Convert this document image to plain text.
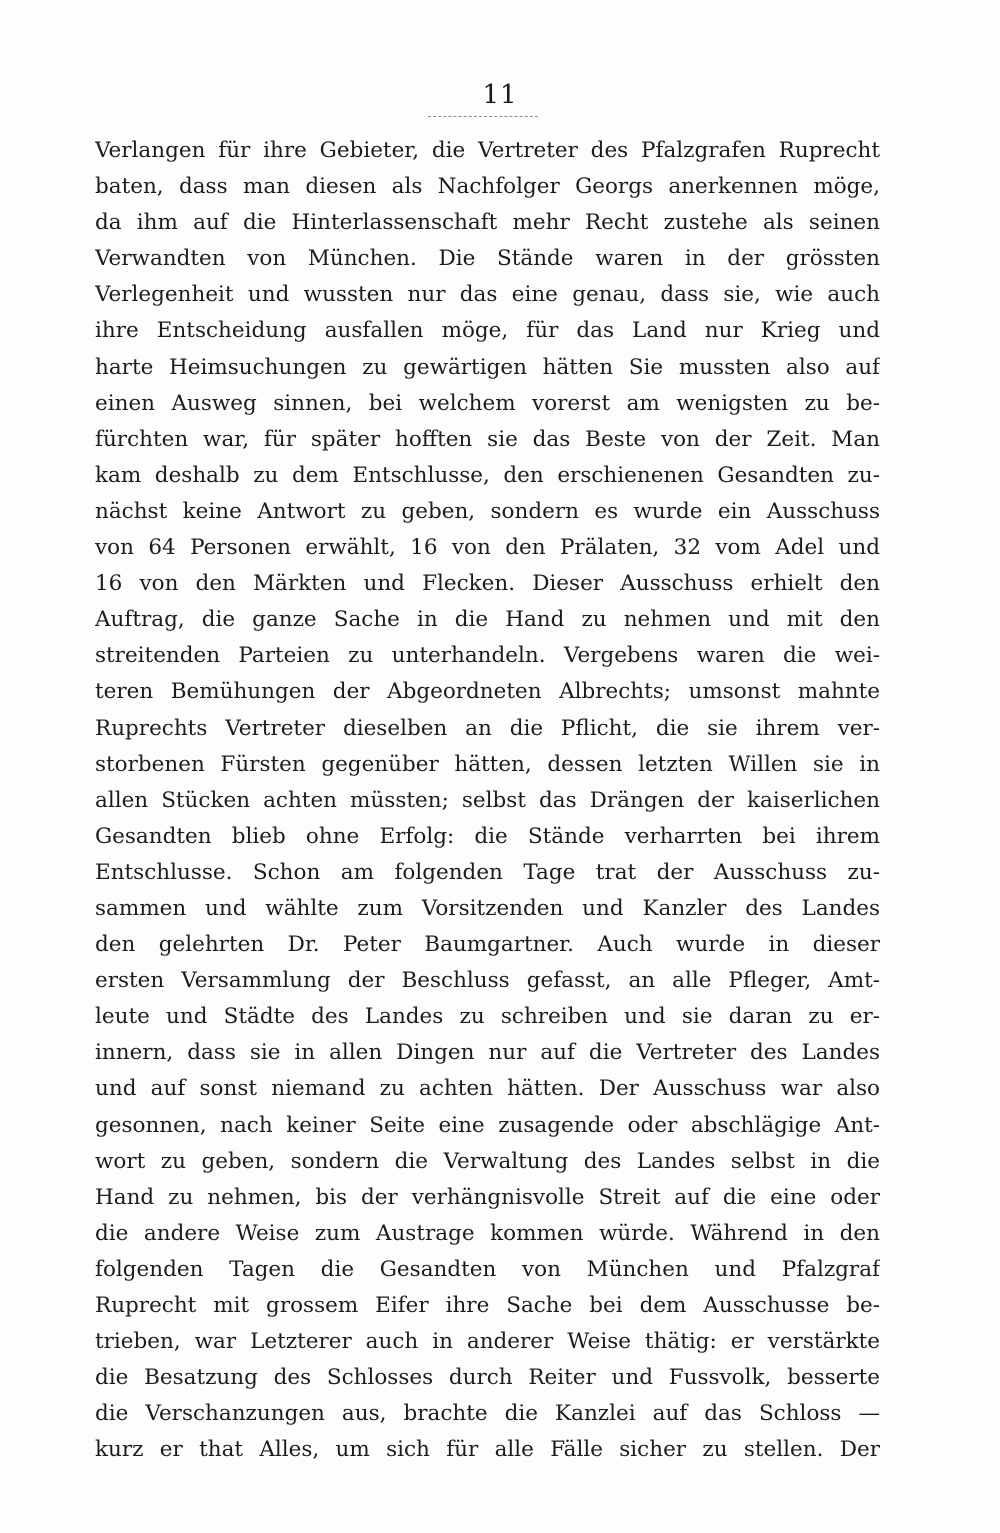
11
Verlangen für ihre Gebieter, die Vertreter des Pfalzgrafen Ruprecht
baten, dass man diesen als Nachfolger Georgs anerkennen möge,
da ihm auf die Hinterlassenschaft mehr Recht zustehe als seinen
Verwandten von München. Die Stände waren in der grössten
Verlegenheit und wussten nur das eine genau, dass sie, wie auch
ihre Entscheidung ausfallen möge, für das Land nur Krieg und
harte Heimsuchungen zu gewärtigen hätten Sie mussten also auf
einen Ausweg sinnen, bei welchem vorerst am wenigsten zu be-
fürchten war, für später hofften sie das Beste von der Zeit. Man
kam deshalb zu dem Entschlusse, den erschienenen Gesandten zu-
nächst keine Antwort zu geben, sondern es wurde ein Ausschuss
von 64 Personen erwählt, 16 von den Prälaten, 32 vom Adel und
16 von den Märkten und Flecken. Dieser Ausschuss erhielt den
Auftrag, die ganze Sache in die Hand zu nehmen und mit den
streitenden Parteien zu unterhandeln. Vergebens waren die wei-
teren Bemühungen der Abgeordneten Albrechts; umsonst mahnte
Ruprechts Vertreter dieselben an die Pflicht, die sie ihrem ver-
storbenen Fürsten gegenüber hätten, dessen letzten Willen sie in
allen Stücken achten müssten; selbst das Drängen der kaiserlichen
Gesandten blieb ohne Erfolg: die Stände verharrten bei ihrem
Entschlusse. Schon am folgenden Tage trat der Ausschuss zu-
sammen und wählte zum Vorsitzenden und Kanzler des Landes
den gelehrten Dr. Peter Baumgartner. Auch wurde in dieser
ersten Versammlung der Beschluss gefasst, an alle Pfleger, Amt-
leute und Städte des Landes zu schreiben und sie daran zu er-
innern, dass sie in allen Dingen nur auf die Vertreter des Landes
und auf sonst niemand zu achten hätten. Der Ausschuss war also
gesonnen, nach keiner Seite eine zusagende oder abschlägige Ant-
wort zu geben, sondern die Verwaltung des Landes selbst in die
Hand zu nehmen, bis der verhängnisvolle Streit auf die eine oder
die andere Weise zum Austrage kommen würde. Während in den
folgenden Tagen die Gesandten von München und Pfalzgraf
Ruprecht mit grossem Eifer ihre Sache bei dem Ausschusse be-
trieben, war Letzterer auch in anderer Weise thätig: er verstärkte
die Besatzung des Schlosses durch Reiter und Fussvolk, besserte
die Verschanzungen aus, brachte die Kanzlei auf das Schloss —
kurz er that Alles, um sich für alle Fälle sicher zu stellen. Der
